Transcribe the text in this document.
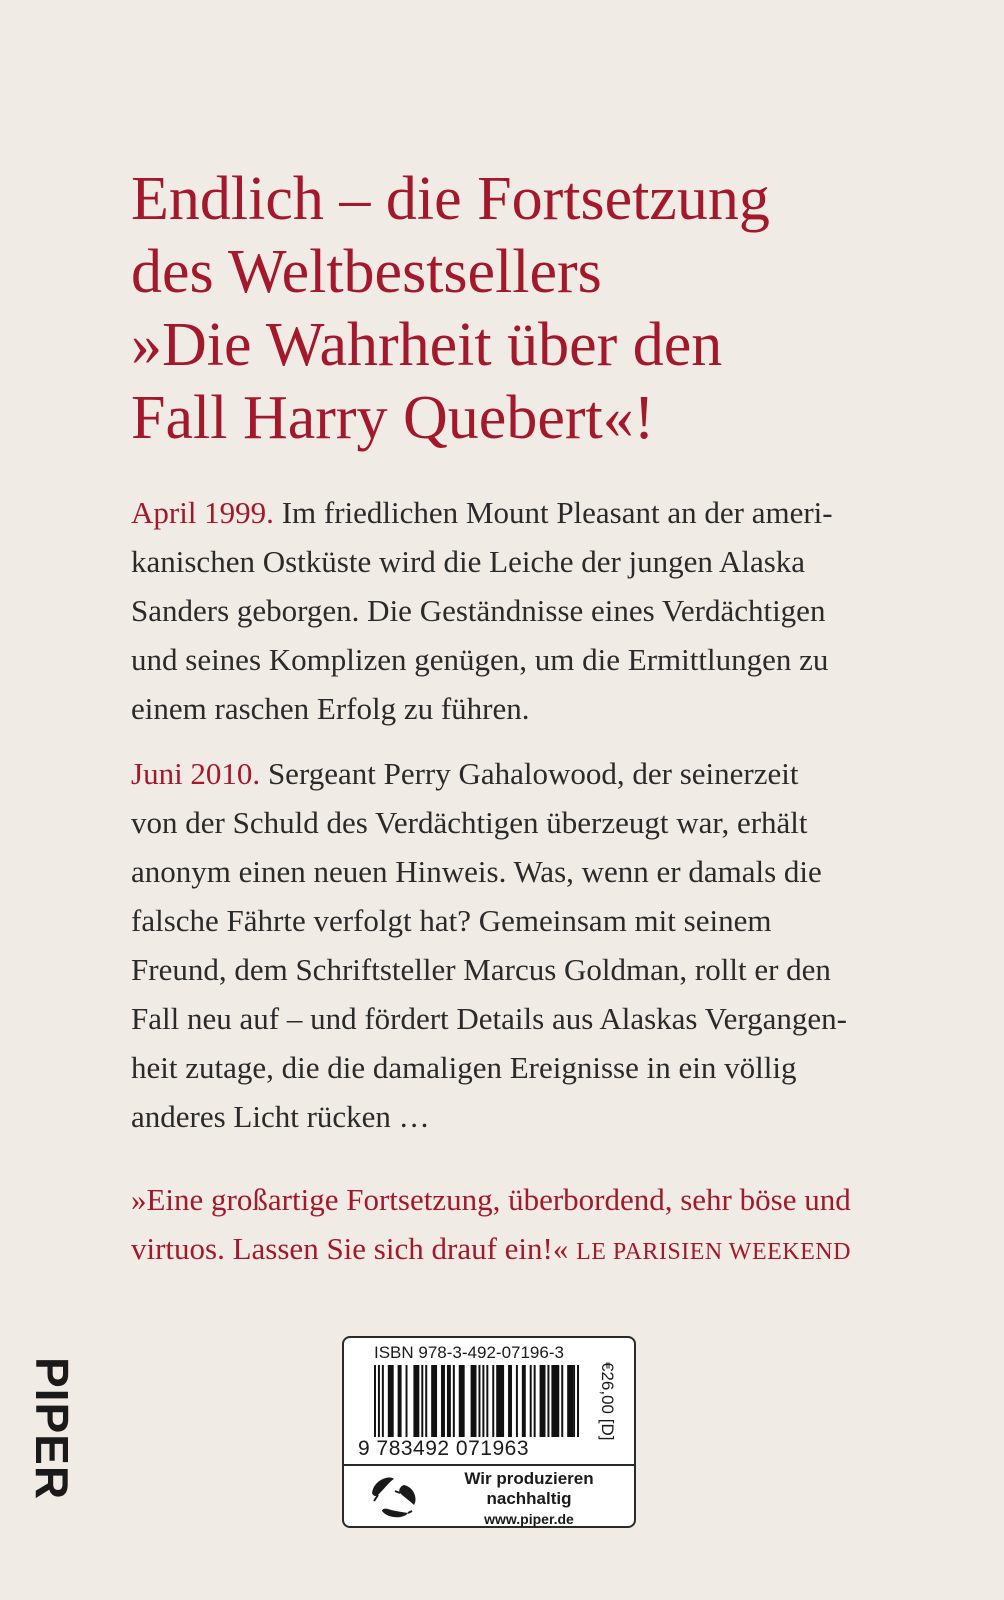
Endlich – die Fortsetzung
des Weltbestsellers
»Die Wahrheit über den
Fall Harry Quebert«!

April 1999. Im friedlichen Mount Pleasant an der ameri-
kanischen Ostküste wird die Leiche der jungen Alaska
Sanders geborgen. Die Geständnisse eines Verdächtigen
und seines Komplizen genügen, um die Ermittlungen zu
einem raschen Erfolg zu führen.

Juni 2010. Sergeant Perry Gahalowood, der seinerzeit
von der Schuld des Verdächtigen überzeugt war, erhält
anonym einen neuen Hinweis. Was, wenn er damals die
falsche Fährte verfolgt hat? Gemeinsam mit seinem
Freund, dem Schriftsteller Marcus Goldman, rollt er den
Fall neu auf – und fördert Details aus Alaskas Vergangen-
heit zutage, die die damaligen Ereignisse in ein völlig
anderes Licht rücken …

»Eine großartige Fortsetzung, überbordend, sehr böse und
virtuos. Lassen Sie sich drauf ein!« LE PARISIEN WEEKEND

PIPER
ISBN 978-3-492-07196-3
€26,00 [D]
9 783492 071963
Wir produzieren
nachhaltig
www.piper.de
